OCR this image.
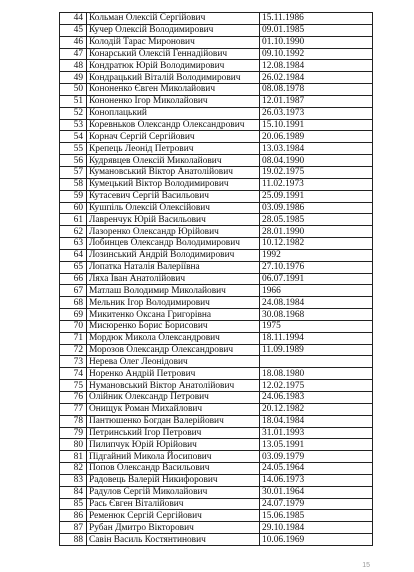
44	Кольман Олексій Сергійович	15.11.1986
45	Кучер Олексій Володимирович	09.01.1985
46	Колодій Тарас Миронович	01.10.1990
47	Конарський Олексій Геннадійович	09.10.1992
48	Кондратюк Юрій Володимирович	12.08.1984
49	Кондрацький Віталій Володимирович	26.02.1984
50	Кононенко Євген Миколайович	08.08.1978
51	Кононенко Ігор Миколайович	12.01.1987
52	Коноплацький	26.03.1973
53	Коревньков Олександр Олександрович	15.10.1991
54	Корнач Сергій Сергійович	20.06.1989
55	Крепець Леонід Петрович	13.03.1984
56	Кудрявцев Олексій Миколайович	08.04.1990
57	Кумановський Віктор Анатолійович	19.02.1975
58	Кумецький Віктор Володимирович	11.02.1973
59	Кутасевич Сергій Васильович	25.09.1991
60	Кушпіль Олексій Олексійович	03.09.1986
61	Лавренчук Юрій Васильович	28.05.1985
62	Лазоренко Олександр Юрійович	28.01.1990
63	Лобинцев Олександр Володимирович	10.12.1982
64	Лозинський Андрій Володимирович	1992
65	Лопатка Наталія Валеріївна	27.10.1976
66	Ляха Іван Анатолійович	06.07.1991
67	Матлаш Володимир Миколайович	1966
68	Мельник Ігор Володимирович	24.08.1984
69	Микитенко Оксана Григорівна	30.08.1968
70	Мисюренко Борис Борисович	1975
71	Мордюк Микола Олександрович	18.11.1994
72	Морозов Олександр Олександрович	11.09.1989
73	Нерева Олег Леонідович	
74	Норенко Андрій Петрович	18.08.1980
75	Нумановський Віктор Анатолійович	12.02.1975
76	Олійник Олександр Петрович	24.06.1983
77	Онищук Роман Михайлович	20.12.1982
78	Пантюшенко Богдан Валерійович	18.04.1984
79	Петринський Ігор Петрович	31.01.1993
80	Пилипчук Юрій Юрійович	13.05.1991
81	Підгайний Микола Йосипович	03.09.1979
82	Попов Олександр Васильович	24.05.1964
83	Радовець Валерій Никифорович	14.06.1973
84	Радулов Сергій Миколайович	30.01.1964
85	Рась Євген Віталійович	24.07.1979
86	Ременюк Сергій Сергійович	15.06.1985
87	Рубан Дмитро Вікторович	29.10.1984
88	Савін Василь Костянтинович	10.06.1969
15
